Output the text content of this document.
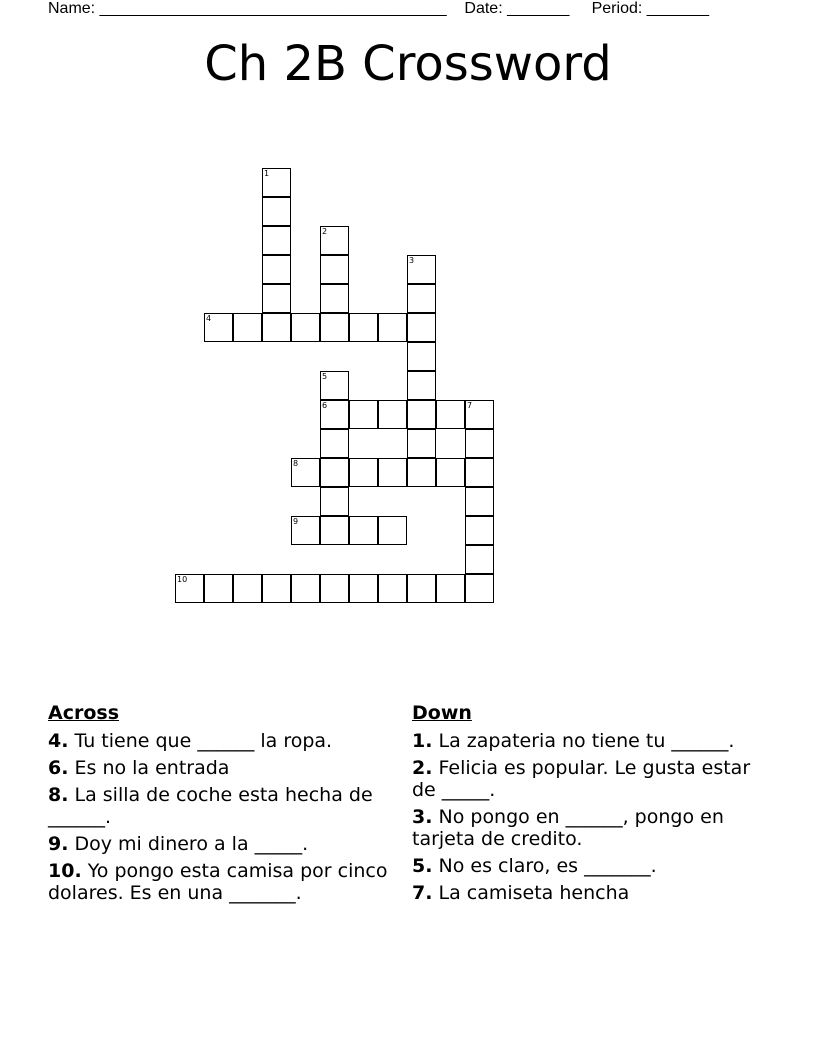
Name: _______________________________________ Date: _______ Period: _______
Ch 2B Crossword
1
2
3
4
5
6	7
8
9
10
Across
4. Tu tiene que ______ la ropa.
6. Es no la entrada
8. La silla de coche esta hecha de ______.
9. Doy mi dinero a la _____.
10. Yo pongo esta camisa por cinco dolares. Es en una _______.
Down
1. La zapateria no tiene tu ______.
2. Felicia es popular. Le gusta estar de _____.
3. No pongo en ______, pongo en tarjeta de credito.
5. No es claro, es _______.
7. La camiseta hencha
